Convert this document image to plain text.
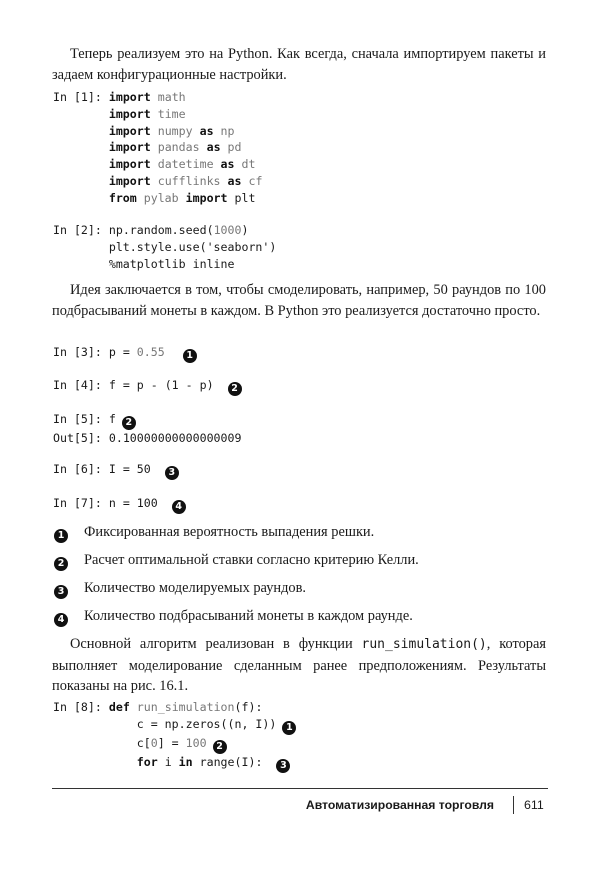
Теперь реализуем это на Python. Как всегда, сначала импортируем пакеты и задаем конфигурационные настройки.

In [1]: import math
import time
import numpy as np
import pandas as pd
import datetime as dt
import cufflinks as cf
from pylab import plt
In [2]: np.random.seed(1000)
plt.style.use('seaborn')
%matplotlib inline

Идея заключается в том, чтобы смоделировать, например, 50 раундов по 100 подбрасываний монеты в каждом. В Python это реализуется достаточно просто.

In [3]: p = 0.55 1
In [4]: f = p - (1 - p) 2
In [5]: f 2
Out[5]: 0.10000000000000009
In [6]: I = 50 3
In [7]: n = 100 4
1 Фиксированная вероятность выпадения решки.
2 Расчет оптимальной ставки согласно критерию Келли.
3 Количество моделируемых раундов.
4 Количество подбрасываний монеты в каждом раунде.

Основной алгоритм реализован в функции run_simulation(), которая выполняет моделирование сделанным ранее предположениям. Результаты показаны на рис. 16.1.

In [8]: def run_simulation(f):
c = np.zeros((n, I)) 1
c[0] = 100 2
for i in range(I): 3
Автоматизированная торговля 611
